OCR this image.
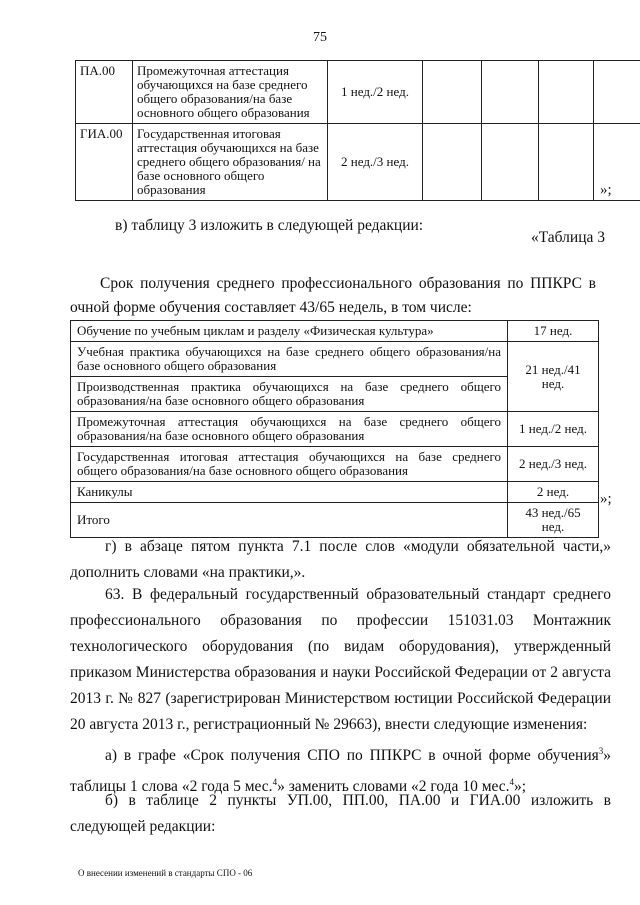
75
ПА.00	Промежуточная аттестация обучающихся на базе среднего общего образования/на базе основного общего образования	1 нед./2 нед.				
ГИА.00	Государственная итоговая аттестация обучающихся на базе среднего общего образования/ на базе основного общего образования	2 нед./3 нед.				
»;
в) таблицу 3 изложить в следующей редакции:
«Таблица 3
Срок получения среднего профессионального образования по ППКРС в очной форме обучения составляет 43/65 недель, в том числе:
Обучение по учебным циклам и разделу «Физическая культура»	17 нед.
Учебная практика обучающихся на базе среднего общего образования/на базе основного общего образования	21 нед./41 нед.
Производственная практика обучающихся на базе среднего общего образования/на базе основного общего образования	
Промежуточная аттестация обучающихся на базе среднего общего образования/на базе основного общего образования	1 нед./2 нед.
Государственная итоговая аттестация обучающихся на базе среднего общего образования/на базе основного общего образования	2 нед./3 нед.
Каникулы	2 нед.
Итого	43 нед./65 нед.
»;
г) в абзаце пятом пункта 7.1 после слов «модули обязательной части,» дополнить словами «на практики,».
63. В федеральный государственный образовательный стандарт среднего профессионального образования по профессии 151031.03 Монтажник технологического оборудования (по видам оборудования), утвержденный приказом Министерства образования и науки Российской Федерации от 2 августа 2013 г. № 827 (зарегистрирован Министерством юстиции Российской Федерации 20 августа 2013 г., регистрационный № 29663), внести следующие изменения:
а) в графе «Срок получения СПО по ППКРС в очной форме обучения$^3$» таблицы 1 слова «2 года 5 мес.$^4$» заменить словами «2 года 10 мес.$^4$»;
б) в таблице 2 пункты УП.00, ПП.00, ПА.00 и ГИА.00 изложить в следующей редакции:
О внесении изменений в стандарты СПО - 06
